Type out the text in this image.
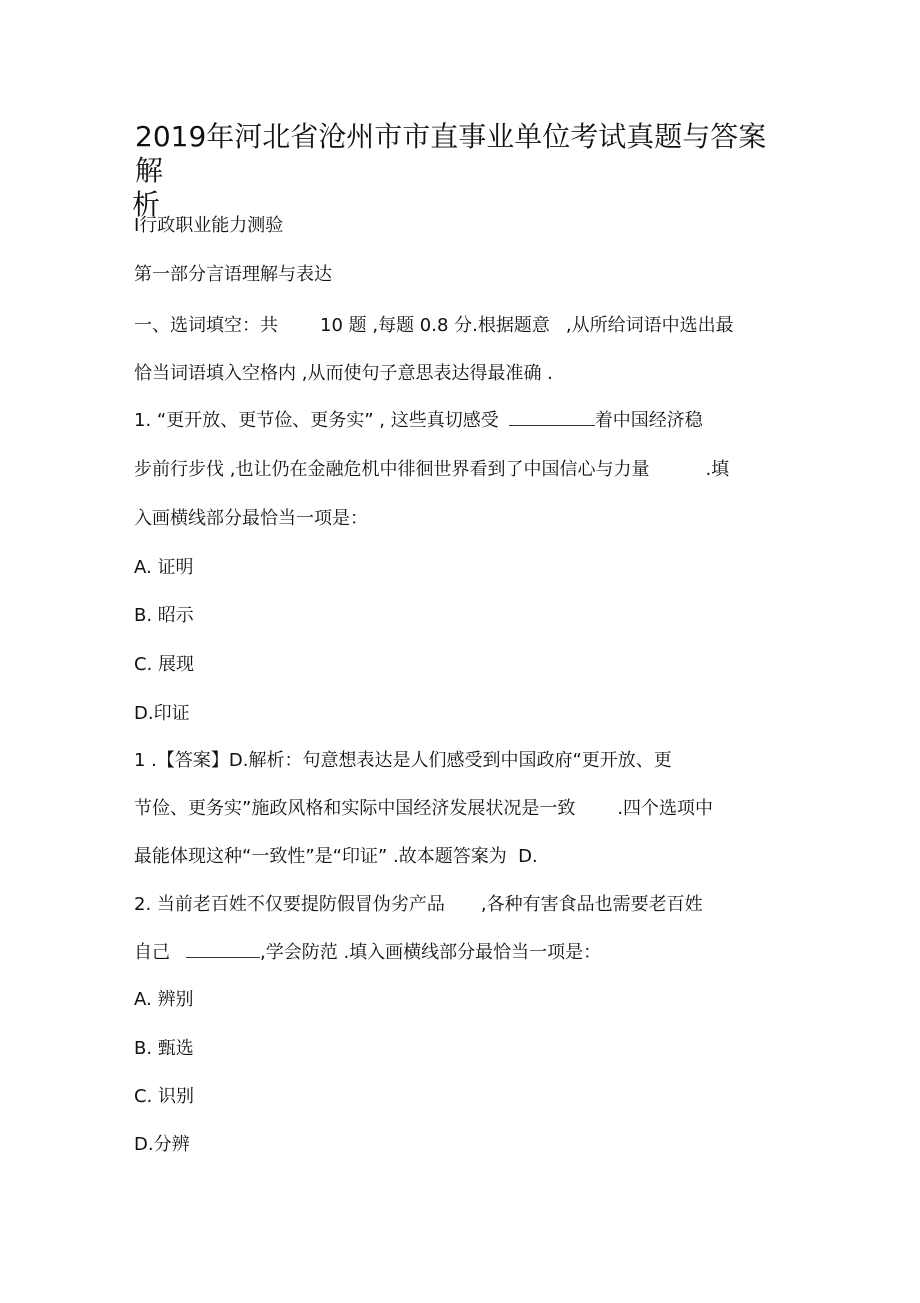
2019年河北省沧州市市直事业单位考试真题与答案解
析
Ⅰ行政职业能力测验
第一部分言语理解与表达
一、选词填空：共 10 题 ,每题 0.8 分.根据题意 ,从所给词语中选出最
恰当词语填入空格内 ,从而使句子意思表达得最准确 .
1. “更开放、更节俭、更务实” , 这些真切感受	着中国经济稳
步前行步伐 ,也让仍在金融危机中徘徊世界看到了中国信心与力量	.填
入画横线部分最恰当一项是：
A. 证明
B. 昭示
C. 展现
D.印证
1 .【答案】D.解析：句意想表达是人们感受到中国政府“更开放、更
节俭、更务实”施政风格和实际中国经济发展状况是一致 .四个选项中
最能体现这种“一致性”是“印证” .故本题答案为  D.
2. 当前老百姓不仅要提防假冒伪劣产品 ,各种有害食品也需要老百姓
自己	,学会防范 .填入画横线部分最恰当一项是：
A. 辨别
B. 甄选
C. 识别
D.分辨
